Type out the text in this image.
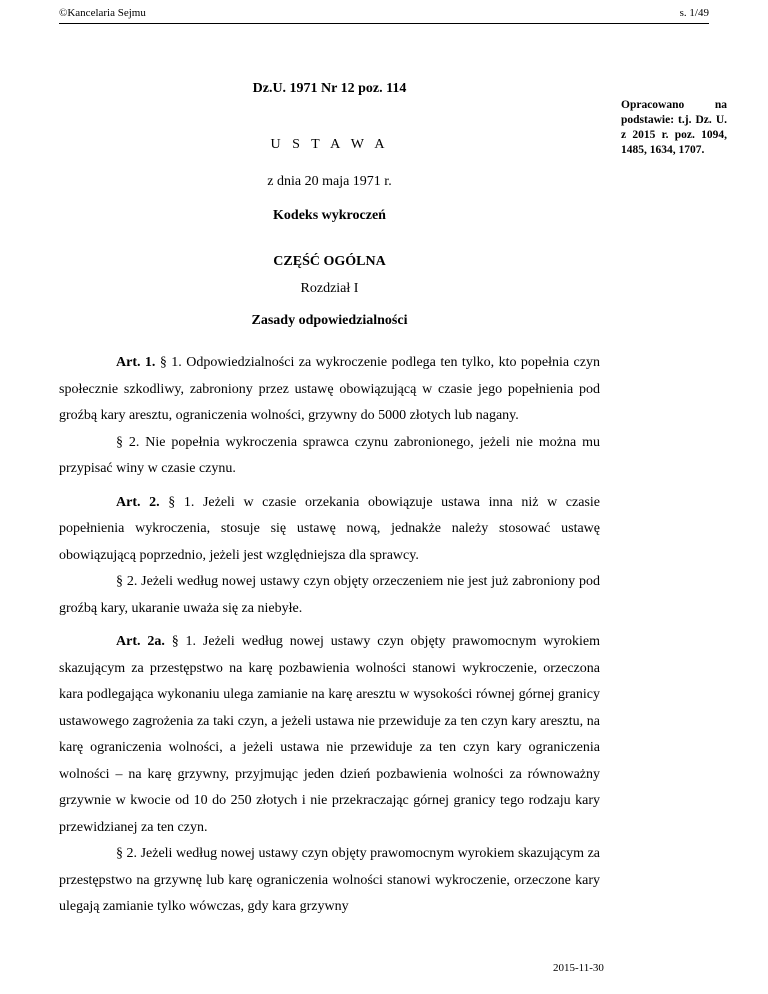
©Kancelaria Sejmu	s. 1/49
Opracowano na podstawie: t.j. Dz. U. z 2015 r. poz. 1094, 1485, 1634, 1707.
Dz.U. 1971 Nr 12 poz. 114
U S T A W A
z dnia 20 maja 1971 r.
Kodeks wykroczeń
CZĘŚĆ OGÓLNA
Rozdział I
Zasady odpowiedzialności

Art. 1. § 1. Odpowiedzialności za wykroczenie podlega ten tylko, kto popełnia czyn społecznie szkodliwy, zabroniony przez ustawę obowiązującą w czasie jego popełnienia pod groźbą kary aresztu, ograniczenia wolności, grzywny do 5000 złotych lub nagany.

§ 2. Nie popełnia wykroczenia sprawca czynu zabronionego, jeżeli nie można mu przypisać winy w czasie czynu.

Art. 2. § 1. Jeżeli w czasie orzekania obowiązuje ustawa inna niż w czasie popełnienia wykroczenia, stosuje się ustawę nową, jednakże należy stosować ustawę obowiązującą poprzednio, jeżeli jest względniejsza dla sprawcy.

§ 2. Jeżeli według nowej ustawy czyn objęty orzeczeniem nie jest już zabroniony pod groźbą kary, ukaranie uważa się za niebyłe.

Art. 2a. § 1. Jeżeli według nowej ustawy czyn objęty prawomocnym wyrokiem skazującym za przestępstwo na karę pozbawienia wolności stanowi wykroczenie, orzeczona kara podlegająca wykonaniu ulega zamianie na karę aresztu w wysokości równej górnej granicy ustawowego zagrożenia za taki czyn, a jeżeli ustawa nie przewiduje za ten czyn kary aresztu, na karę ograniczenia wolności, a jeżeli ustawa nie przewiduje za ten czyn kary ograniczenia wolności – na karę grzywny, przyjmując jeden dzień pozbawienia wolności za równoważny grzywnie w kwocie od 10 do 250 złotych i nie przekraczając górnej granicy tego rodzaju kary przewidzianej za ten czyn.

§ 2. Jeżeli według nowej ustawy czyn objęty prawomocnym wyrokiem skazującym za przestępstwo na grzywnę lub karę ograniczenia wolności stanowi wykroczenie, orzeczone kary ulegają zamianie tylko wówczas, gdy kara grzywny

2015-11-30
